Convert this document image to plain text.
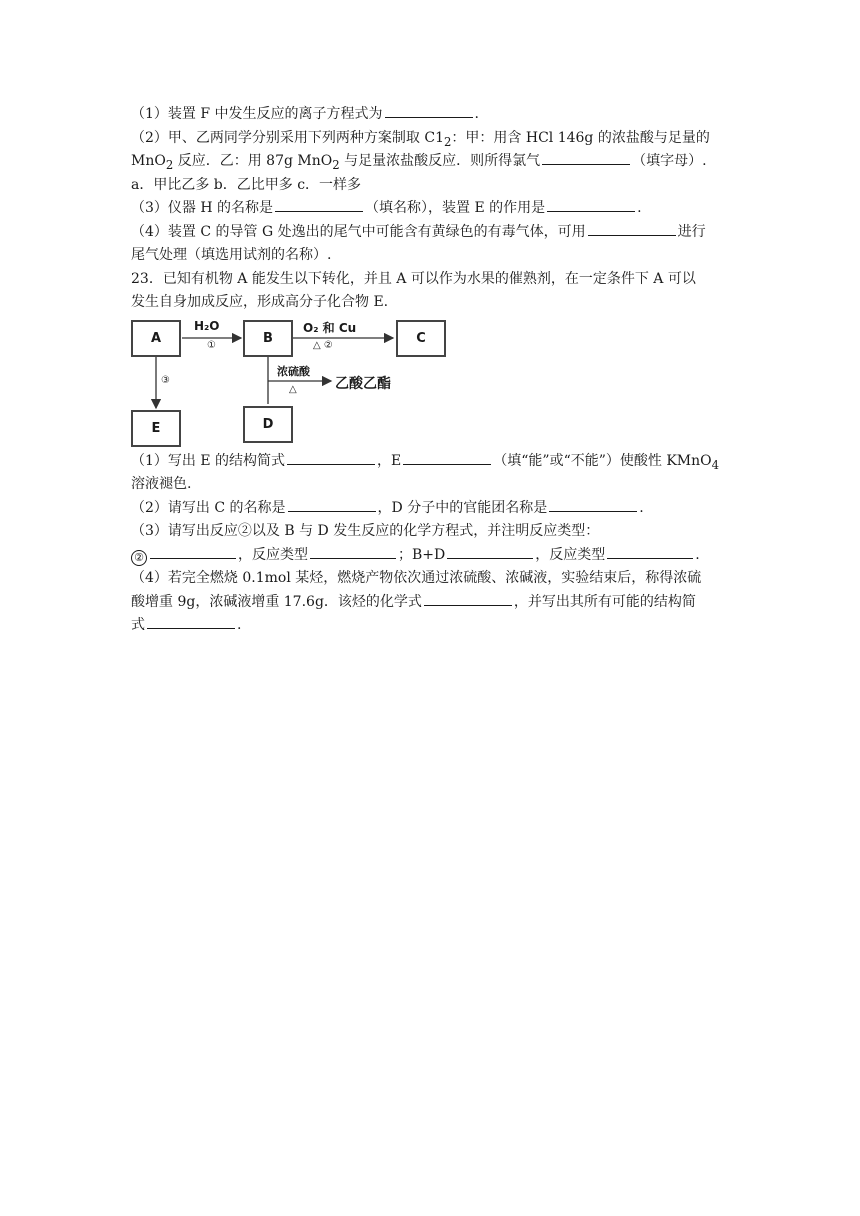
（1）装置 F 中发生反应的离子方程式为	.
（2）甲、乙两同学分别采用下列两种方案制取 $C1_2$：甲：用含 HCl 146g 的浓盐酸与足量的
MnO$_2$ 反应．乙：用 87g MnO$_2$ 与足量浓盐酸反应．则所得氯气	（填字母）.
a．甲比乙多 b．乙比甲多 c．一样多
（3）仪器 H 的名称是	（填名称），装置 E 的作用是	.
（4）装置 C 的导管 G 处逸出的尾气中可能含有黄绿色的有毒气体，可用	进行
尾气处理（填选用试剂的名称）.
23．已知有机物 A 能发生以下转化，并且 A 可以作为水果的催熟剂，在一定条件下 A 可以
发生自身加成反应，形成高分子化合物 E.
A	B	C
E	D
H₂O
①
O₂ 和 Cu
△ ②
③
浓硫酸
△	乙酸乙酯
（1）写出 E 的结构简式	，E	（填“能”或“不能”）使酸性 KMnO$_4$
溶液褪色.
（2）请写出 C 的名称是	，D 分子中的官能团名称是	.
（3）请写出反应②以及 B 与 D 发生反应的化学方程式，并注明反应类型：
②	，反应类型	；B+D	，反应类型	.
（4）若完全燃烧 0.1mol 某烃，燃烧产物依次通过浓硫酸、浓碱液，实验结束后，称得浓硫
酸增重 9g，浓碱液增重 17.6g．该烃的化学式	，并写出其所有可能的结构简
式	.
